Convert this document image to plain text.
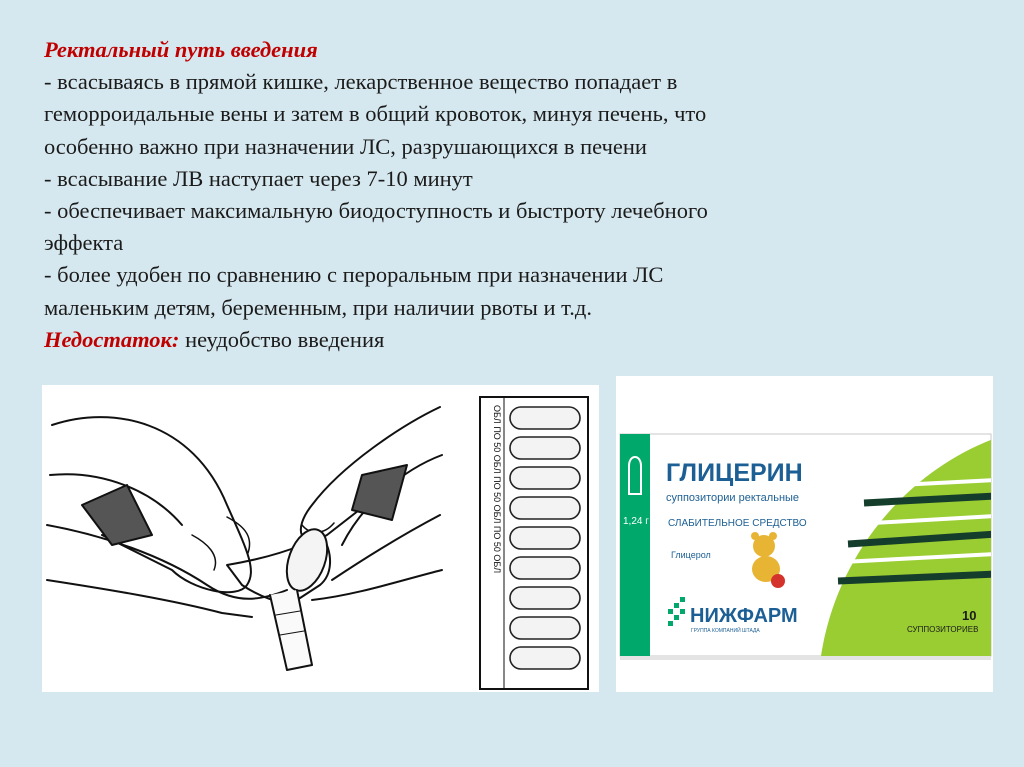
Ректальный путь введения

- всасываясь в прямой кишке, лекарственное вещество попадает в

геморроидальные вены и затем в общий кровоток, минуя печень, что

особенно важно при назначении ЛС, разрушающихся в печени

- всасывание ЛВ наступает через 7-10 минут

- обеспечивает максимальную биодоступность и быстроту лечебного

эффекта

- более удобен по сравнению с пероральным при назначении ЛС

маленьким детям, беременным, при наличии рвоты и т.д.

Недостаток: неудобство введения

ОБЛ ПО 50 ОБЛ ПО 50 ОБЛ ПО 50 ОБЛ	1,24 г
ГЛИЦЕРИН
суппозитории ректальные
СЛАБИТЕЛЬНОЕ СРЕДСТВО
Глицерол
НИЖФАРМ
ГРУППА КОМПАНИЙ ШТАДА
10
СУППОЗИТОРИЕВ
